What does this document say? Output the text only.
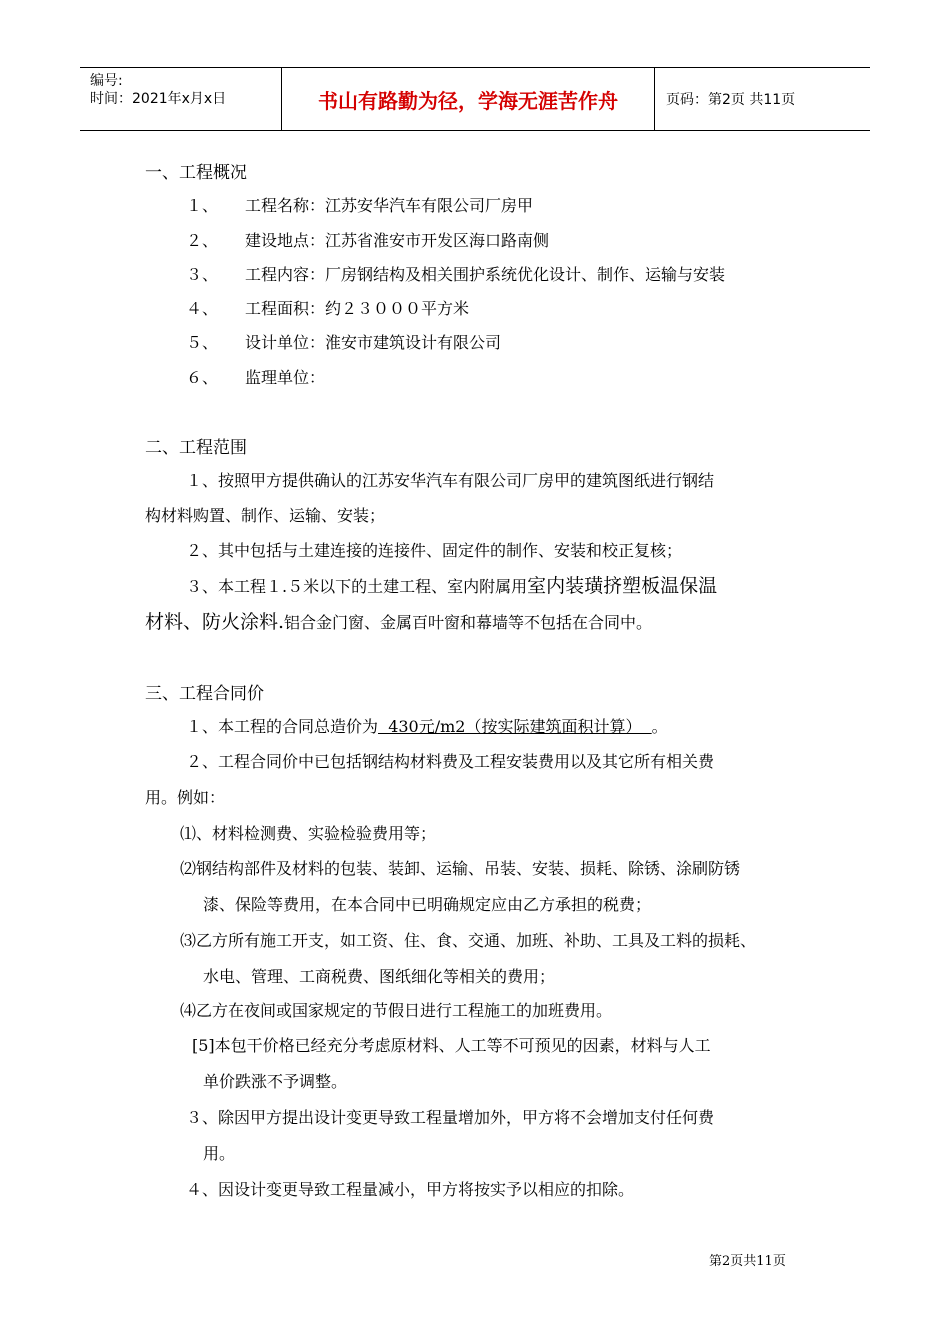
编号:
时间：2021年x月x日	书山有路勤为径，学海无涯苦作舟	页码：第2页 共11页
一、工程概况
１、 工程名称：江苏安华汽车有限公司厂房甲
２、 建设地点：江苏省淮安市开发区海口路南侧
３、 工程内容：厂房钢结构及相关围护系统优化设计、制作、运输与安装
４、 工程面积：约２３０００平方米
５、 设计单位：淮安市建筑设计有限公司
６、 监理单位：
二、工程范围
１、按照甲方提供确认的江苏安华汽车有限公司厂房甲的建筑图纸进行钢结
构材料购置、制作、运输、安装；
２、其中包括与土建连接的连接件、固定件的制作、安装和校正复核；
３、本工程１.５米以下的土建工程、室内附属用室内装璜挤塑板温保温
材料、防火涂料.铝合金门窗、金属百叶窗和幕墙等不包括在合同中。
三、工程合同价
１、本工程的合同总造价为  430元/m2（按实际建筑面积计算）  。
２、工程合同价中已包括钢结构材料费及工程安装费用以及其它所有相关费
用。例如：
⑴、材料检测费、实验检验费用等；
⑵钢结构部件及材料的包装、装卸、运输、吊装、安装、损耗、除锈、涂刷防锈
漆、保险等费用，在本合同中已明确规定应由乙方承担的税费；
⑶乙方所有施工开支，如工资、住、食、交通、加班、补助、工具及工料的损耗、
水电、管理、工商税费、图纸细化等相关的费用；
⑷乙方在夜间或国家规定的节假日进行工程施工的加班费用。
[5]本包干价格已经充分考虑原材料、人工等不可预见的因素，材料与人工
单价跌涨不予调整。
３、除因甲方提出设计变更导致工程量增加外，甲方将不会增加支付任何费
用。
４、因设计变更导致工程量减小，甲方将按实予以相应的扣除。
第2页共11页
